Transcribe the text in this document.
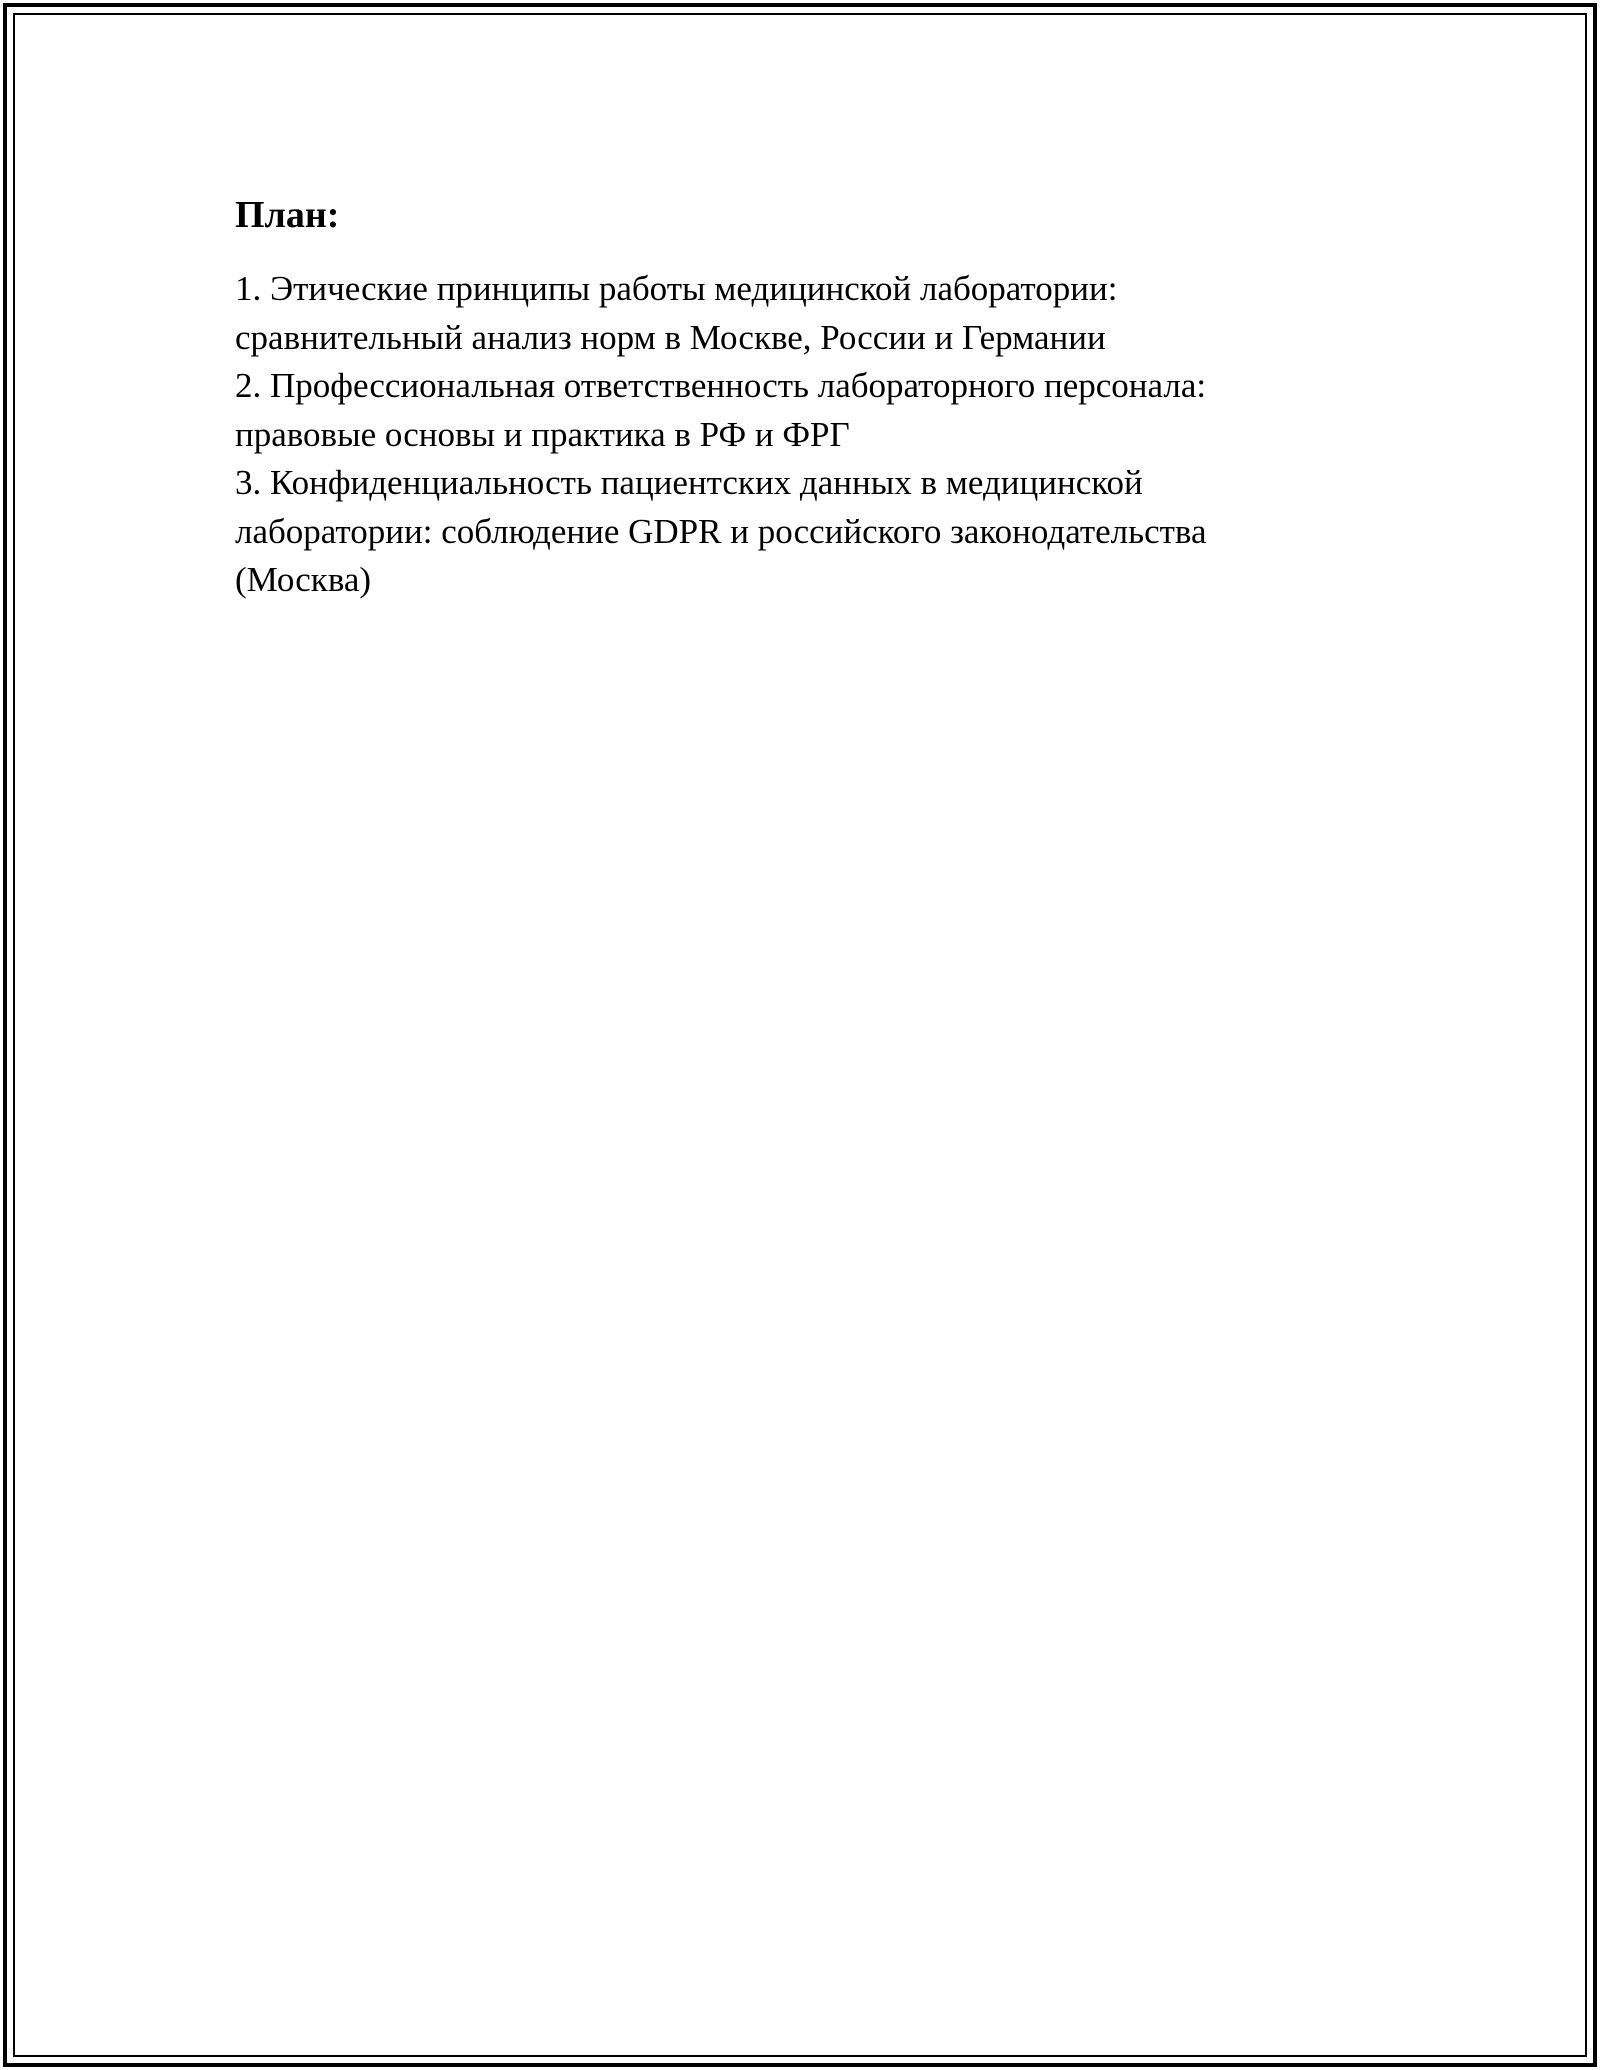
План:
1. Этические принципы работы медицинской лаборатории:
сравнительный анализ норм в Москве, России и Германии
2. Профессиональная ответственность лабораторного персонала:
правовые основы и практика в РФ и ФРГ
3. Конфиденциальность пациентских данных в медицинской
лаборатории: соблюдение GDPR и российского законодательства
(Москва)
